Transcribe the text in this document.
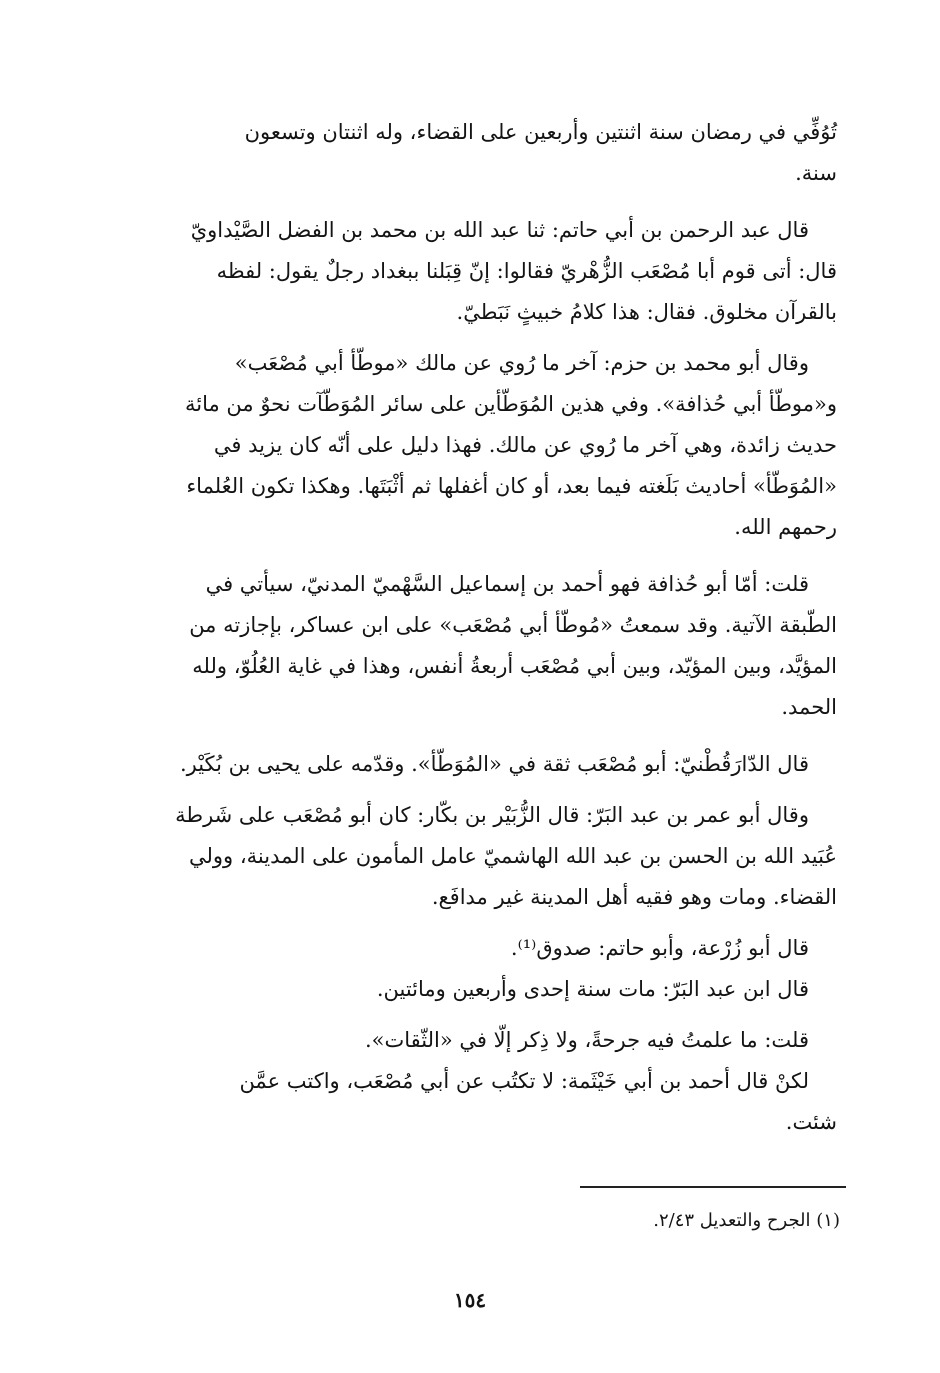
تُوُفِّي في رمضان سنة اثنتين وأربعين على القضاء، وله اثنتان وتسعون
سنة.

قال عبد الرحمن بن أبي حاتم: ثنا عبد الله بن محمد بن الفضل الصَّيْداويّ
قال: أتى قوم أبا مُصْعَب الزُّهْريّ فقالوا: إنّ قِبَلنا ببغداد رجلٌ يقول: لفظه
بالقرآن مخلوق. فقال: هذا كلامُ خبيثٍ نَبَطيّ.

وقال أبو محمد بن حزم: آخر ما رُوي عن مالك «موطّأ أبي مُصْعَب»
و«موطّأ أبي حُذافة». وفي هذين المُوَطّأين على سائر المُوَطّآت نحوٌ من مائة
حديث زائدة، وهي آخر ما رُوي عن مالك. فهذا دليل على أنّه كان يزيد في
«المُوَطّأ» أحاديث بَلَغته فيما بعد، أو كان أغفلها ثم أثْبَتَها. وهكذا تكون العُلماء
رحمهم الله.

قلت: أمّا أبو حُذافة فهو أحمد بن إسماعيل السَّهْميّ المدنيّ، سيأتي في
الطّبقة الآتية. وقد سمعتُ «مُوطّأ أبي مُصْعَب» على ابن عساكر، بإجازته من
المؤيَّد، وبين المؤيّد، وبين أبي مُصْعَب أربعةُ أنفس، وهذا في غاية العُلُوّ، ولله
الحمد.

قال الدّارَقُطْنيّ: أبو مُصْعَب ثقة في «المُوَطّأ». وقدّمه على يحيى بن بُكَيْر.

وقال أبو عمر بن عبد البَرّ: قال الزُّبَيْر بن بكّار: كان أبو مُصْعَب على شَرطة
عُبَيد الله بن الحسن بن عبد الله الهاشميّ عامل المأمون على المدينة، وولي
القضاء. ومات وهو فقيه أهل المدينة غير مدافَع.

قال أبو زُرْعة، وأبو حاتم: صدوق⁽¹⁾.
قال ابن عبد البَرّ: مات سنة إحدى وأربعين ومائتين.

قلت: ما علمتُ فيه جرحةً، ولا ذِكر إلّا في «الثّقات».
لكنْ قال أحمد بن أبي خَيْثَمة: لا تكتُب عن أبي مُصْعَب، واكتب عمَّن
شئت.

(١) الجرح والتعديل ٢/٤٣.
١٥٤
